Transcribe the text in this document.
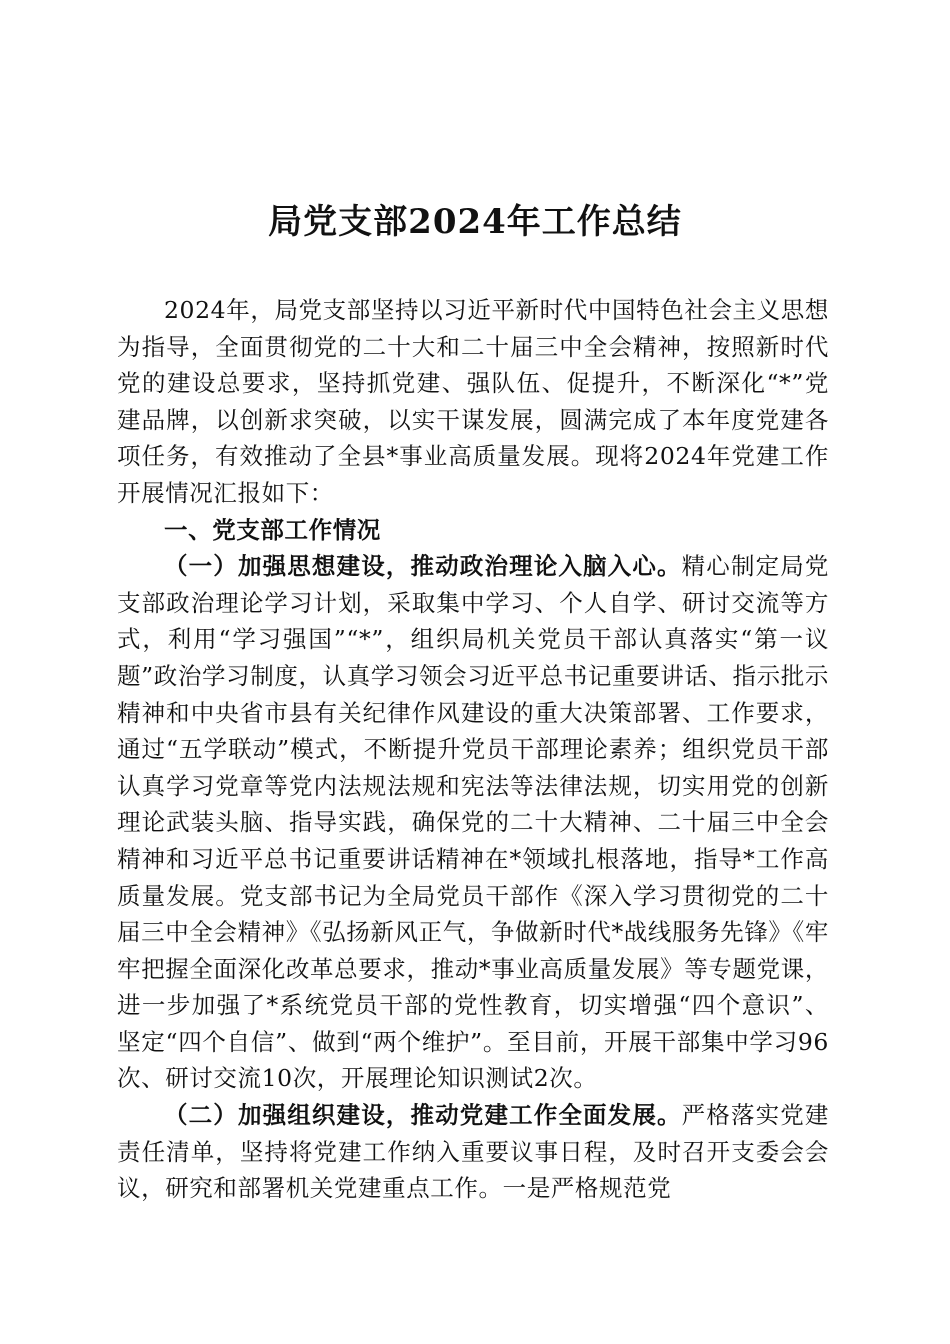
局党支部2024年工作总结

2024年，局党支部坚持以习近平新时代中国特色社会主义思想为指导，全面贯彻党的二十大和二十届三中全会精神，按照新时代党的建设总要求，坚持抓党建、强队伍、促提升，不断深化“*”党建品牌，以创新求突破，以实干谋发展，圆满完成了本年度党建各项任务，有效推动了全县*事业高质量发展。现将2024年党建工作开展情况汇报如下：

一、党支部工作情况

（一）加强思想建设，推动政治理论入脑入心。精心制定局党支部政治理论学习计划，采取集中学习、个人自学、研讨交流等方式，利用“学习强国”“*”，组织局机关党员干部认真落实“第一议题”政治学习制度，认真学习领会习近平总书记重要讲话、指示批示精神和中央省市县有关纪律作风建设的重大决策部署、工作要求，通过“五学联动”模式，不断提升党员干部理论素养；组织党员干部认真学习党章等党内法规法规和宪法等法律法规，切实用党的创新理论武装头脑、指导实践，确保党的二十大精神、二十届三中全会精神和习近平总书记重要讲话精神在*领域扎根落地，指导*工作高质量发展。党支部书记为全局党员干部作《深入学习贯彻党的二十届三中全会精神》《弘扬新风正气，争做新时代*战线服务先锋》《牢牢把握全面深化改革总要求，推动*事业高质量发展》等专题党课，进一步加强了*系统党员干部的党性教育，切实增强“四个意识”、坚定“四个自信”、做到“两个维护”。至目前，开展干部集中学习96次、研讨交流10次，开展理论知识测试2次。

（二）加强组织建设，推动党建工作全面发展。严格落实党建责任清单，坚持将党建工作纳入重要议事日程，及时召开支委会会议，研究和部署机关党建重点工作。一是严格规范党
